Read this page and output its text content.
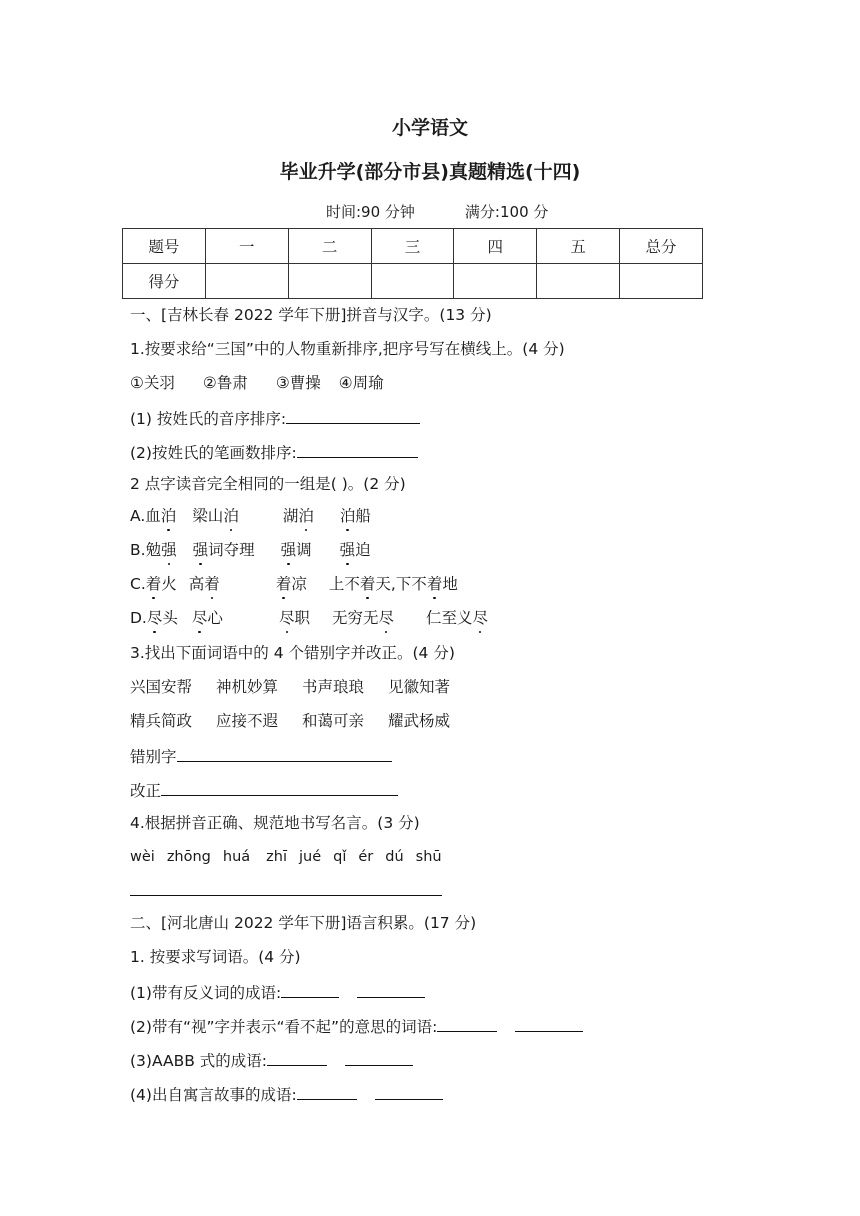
小学语文
毕业升学(部分市县)真题精选(十四)
时间:90 分钟	满分:100 分
题号	一	二	三	四	五	总分
得分						
一、[吉林长春 2022 学年下册]拼音与汉字。(13 分)
1.按要求给“三国”中的人物重新排序,把序号写在横线上。(4 分)
①关羽 ②鲁肃 ③曹操 ④周瑜
(1) 按姓氏的音序排序:
(2)按姓氏的笔画数排序:
2 点字读音完全相同的一组是( )。(2 分)
A.血泊 梁山泊	湖泊 泊船
B.勉强 强词夺理 强调 强迫
C.着火 高着	着凉 上不着天,下不着地
D.尽头 尽心	尽职 无穷无尽 仁至义尽
3.找出下面词语中的 4 个错别字并改正。(4 分)
兴国安帮 神机妙算 书声琅琅 见徽知著
精兵简政 应接不遐 和蔼可亲 耀武杨威
错别字
改正
4.根据拼音正确、规范地书写名言。(3 分)
wèi zhōng huá zhī jué qǐ ér dú shū
二、[河北唐山 2022 学年下册]语言积累。(17 分)
1. 按要求写词语。(4 分)
(1)带有反义词的成语:
(2)带有“视”字并表示“看不起”的意思的词语:
(3)AABB 式的成语:
(4)出自寓言故事的成语:
